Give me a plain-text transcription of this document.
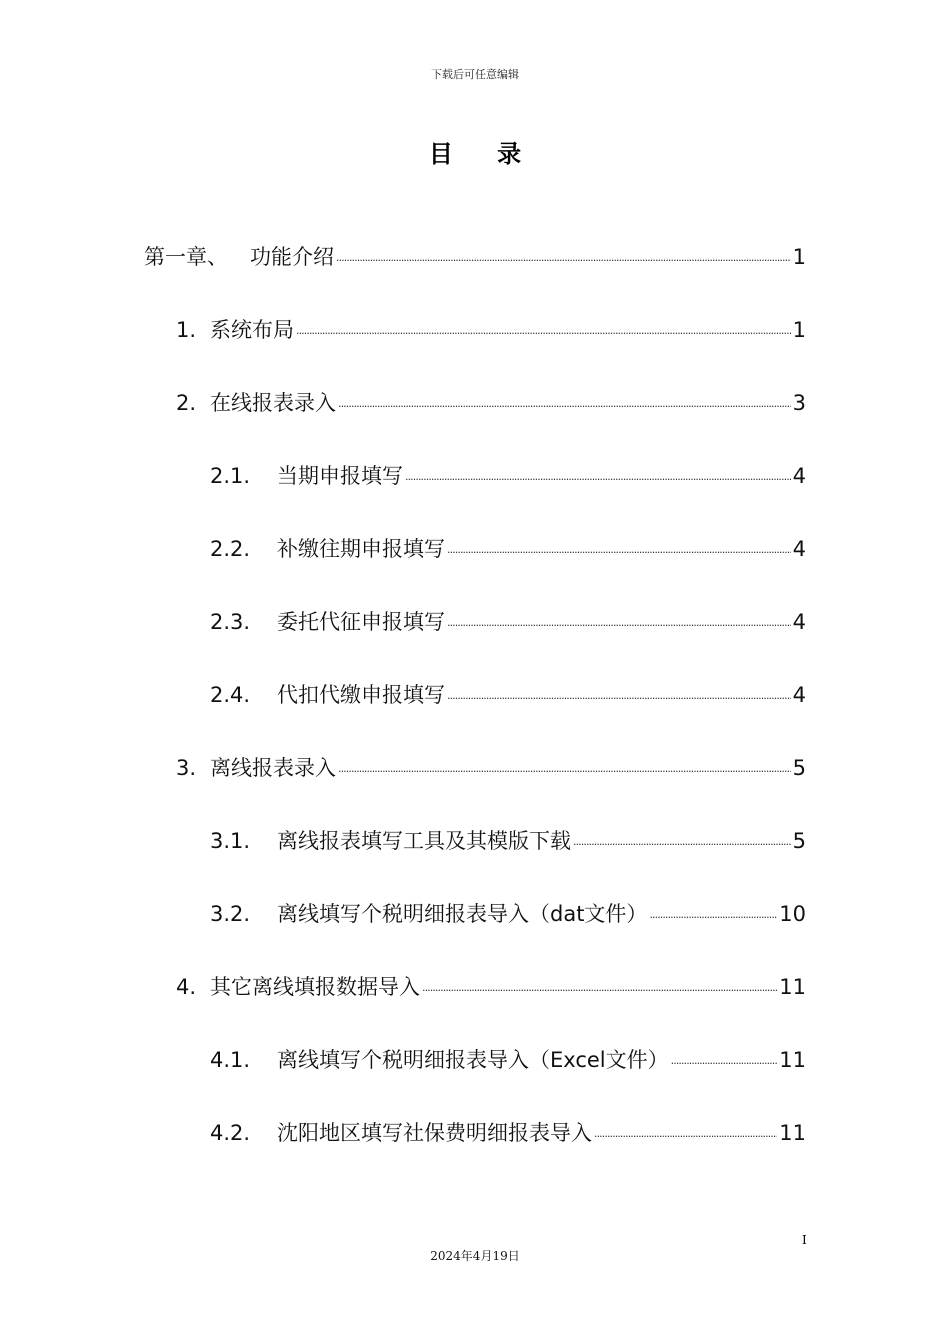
下载后可任意编辑
目 录
第一章、 功能介绍 . . .	1
1. 系统布局 . . .	1
2. 在线报表录入 . . .	3
2.1.	当期申报填写 . . .	4
2.2.	补缴往期申报填写 . . .	4
2.3.	委托代征申报填写 . . .	4
2.4.	代扣代缴申报填写 . . .	4
3. 离线报表录入 . . .	5
3.1.	离线报表填写工具及其模版下载 . . .	5
3.2.	离线填写个税明细报表导入（dat文件） . . .	10
4. 其它离线填报数据导入 . . .	11
4.1.	离线填写个税明细报表导入（Excel文件） . . .	11
4.2.	沈阳地区填写社保费明细报表导入 . . .	11
I
2024年4月19日
